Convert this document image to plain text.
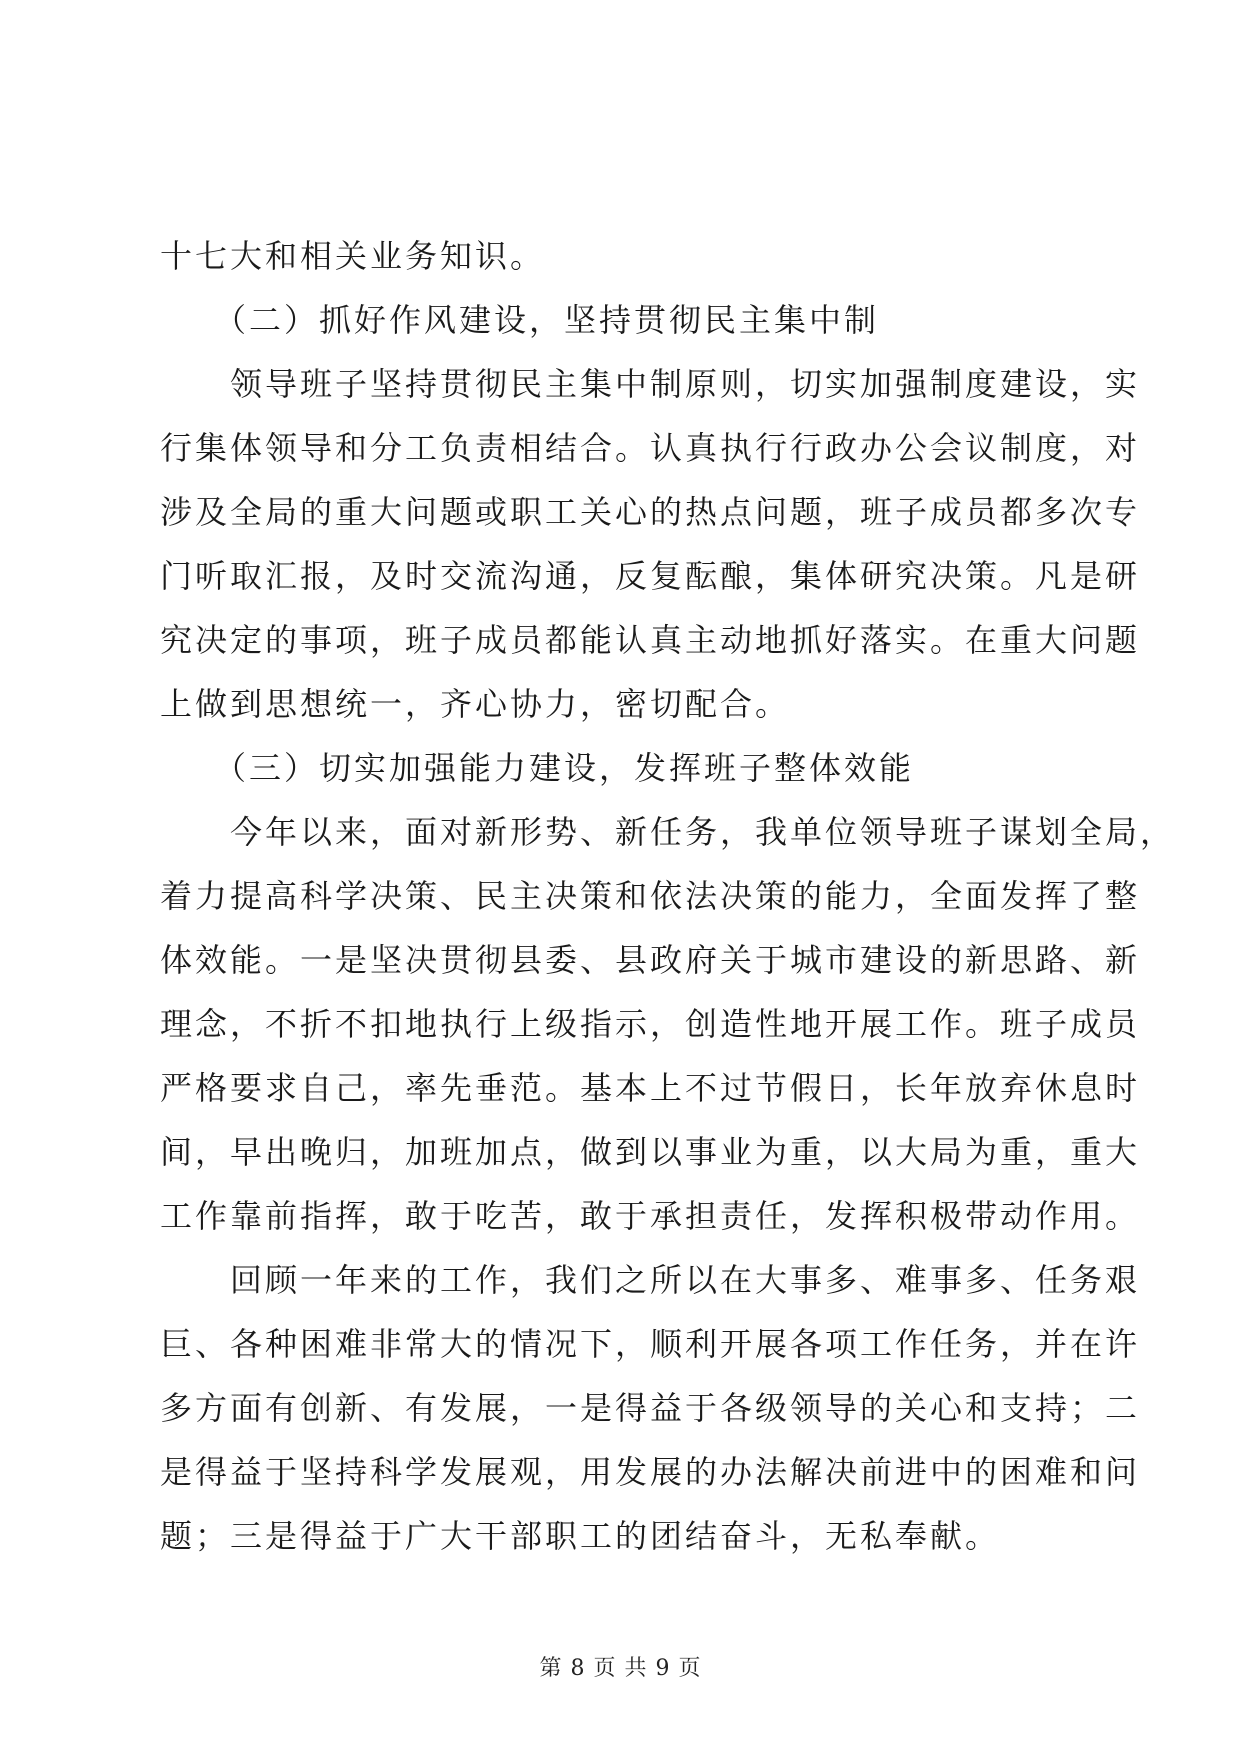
十七大和相关业务知识。
　　（二）抓好作风建设，坚持贯彻民主集中制
　　领导班子坚持贯彻民主集中制原则，切实加强制度建设，实
行集体领导和分工负责相结合。认真执行行政办公会议制度，对
涉及全局的重大问题或职工关心的热点问题，班子成员都多次专
门听取汇报，及时交流沟通，反复酝酿，集体研究决策。凡是研
究决定的事项，班子成员都能认真主动地抓好落实。在重大问题
上做到思想统一，齐心协力，密切配合。
　　（三）切实加强能力建设，发挥班子整体效能
　　今年以来，面对新形势、新任务，我单位领导班子谋划全局，
着力提高科学决策、民主决策和依法决策的能力，全面发挥了整
体效能。一是坚决贯彻县委、县政府关于城市建设的新思路、新
理念，不折不扣地执行上级指示，创造性地开展工作。班子成员
严格要求自己，率先垂范。基本上不过节假日，长年放弃休息时
间，早出晚归，加班加点，做到以事业为重，以大局为重，重大
工作靠前指挥，敢于吃苦，敢于承担责任，发挥积极带动作用。
　　回顾一年来的工作，我们之所以在大事多、难事多、任务艰
巨、各种困难非常大的情况下，顺利开展各项工作任务，并在许
多方面有创新、有发展，一是得益于各级领导的关心和支持；二
是得益于坚持科学发展观，用发展的办法解决前进中的困难和问
题；三是得益于广大干部职工的团结奋斗，无私奉献。
第 8 页 共 9 页
